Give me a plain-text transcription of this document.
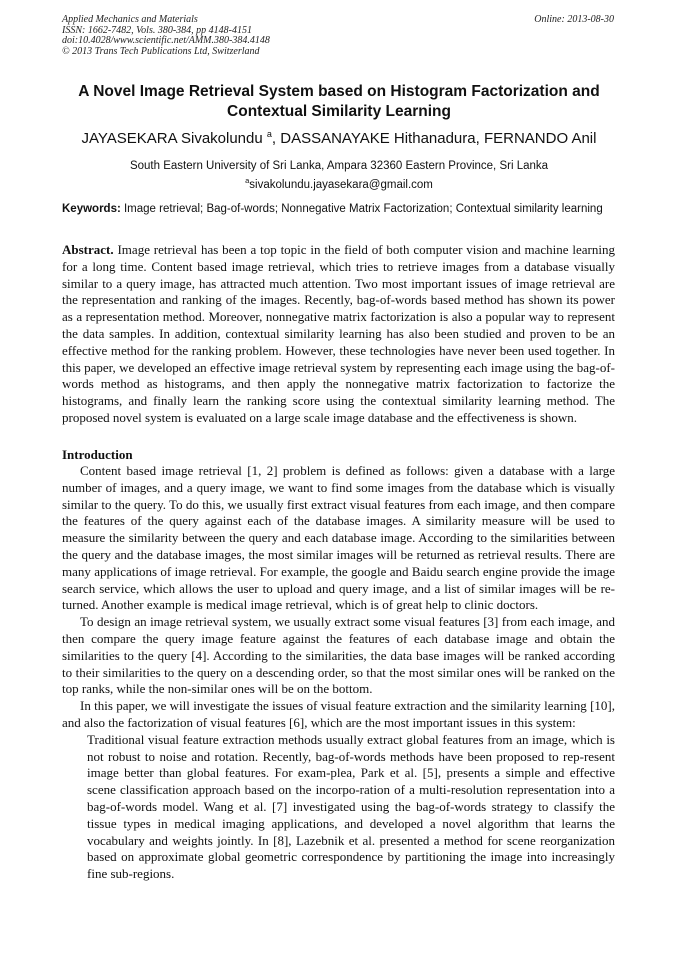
Applied Mechanics and Materials
ISSN: 1662-7482, Vols. 380-384, pp 4148-4151
doi:10.4028/www.scientific.net/AMM.380-384.4148
© 2013 Trans Tech Publications Ltd, Switzerland
Online: 2013-08-30
A Novel Image Retrieval System based on Histogram Factorization and Contextual Similarity Learning
JAYASEKARA Sivakolundu $^a$, DASSANAYAKE Hithanadura, FERNANDO Anil
South Eastern University of Sri Lanka, Ampara 32360 Eastern Province, Sri Lanka
$^a$sivakolundu.jayasekara@gmail.com
Keywords: Image retrieval; Bag-of-words; Nonnegative Matrix Factorization; Contextual similarity learning
Abstract. Image retrieval has been a top topic in the field of both computer vision and machine learning for a long time. Content based image retrieval, which tries to retrieve images from a database visually similar to a query image, has attracted much attention. Two most important issues of image retrieval are the representation and ranking of the images. Recently, bag-of-words based method has shown its power as a representation method. Moreover, nonnegative matrix factorization is also a popular way to represent the data samples. In addition, contextual similarity learning has also been studied and proven to be an effective method for the ranking problem. However, these technologies have never been used together. In this paper, we developed an effective image retrieval system by representing each image using the bag-of-words method as histograms, and then apply the nonnegative matrix factorization to factorize the histograms, and finally learn the ranking score using the contextual similarity learning method. The proposed novel system is evaluated on a large scale image database and the effectiveness is shown.
Introduction

Content based image retrieval [1, 2] problem is defined as follows: given a database with a large number of images, and a query image, we want to find some images from the database which is visually similar to the query. To do this, we usually first extract visual features from each image, and then compare the features of the query against each of the database images. A similarity measure will be used to measure the similarity between the query and each database image. According to the similarities between the query and the database images, the most similar images will be returned as retrieval results. There are many applications of image retrieval. For example, the google and Baidu search engine provide the image search service, which allows the user to upload and query image, and a list of similar images will be re-turned. Another example is medical image retrieval, which is of great help to clinic doctors.

To design an image retrieval system, we usually extract some visual features [3] from each image, and then compare the query image feature against the features of each database image and obtain the similarities to the query [4]. According to the similarities, the data base images will be ranked according to their similarities to the query on a descending order, so that the most similar ones will be ranked on the top ranks, while the non-similar ones will be on the bottom.

In this paper, we will investigate the issues of visual feature extraction and the similarity learning [10], and also the factorization of visual features [6], which are the most important issues in this system:

Traditional visual feature extraction methods usually extract global features from an image, which is not robust to noise and rotation. Recently, bag-of-words methods have been proposed to rep-resent image better than global features. For exam-plea, Park et al. [5], presents a simple and effective scene classification approach based on the incorpo-ration of a multi-resolution representation into a bag-of-words model. Wang et al. [7] investigated using the bag-of-words strategy to classify the tissue types in medical imaging applications, and developed a novel algorithm that learns the vocabulary and weights jointly. In [8], Lazebnik et al. presented a method for scene reorganization based on approximate global geometric correspondence by partitioning the image into increasingly fine sub-regions.
